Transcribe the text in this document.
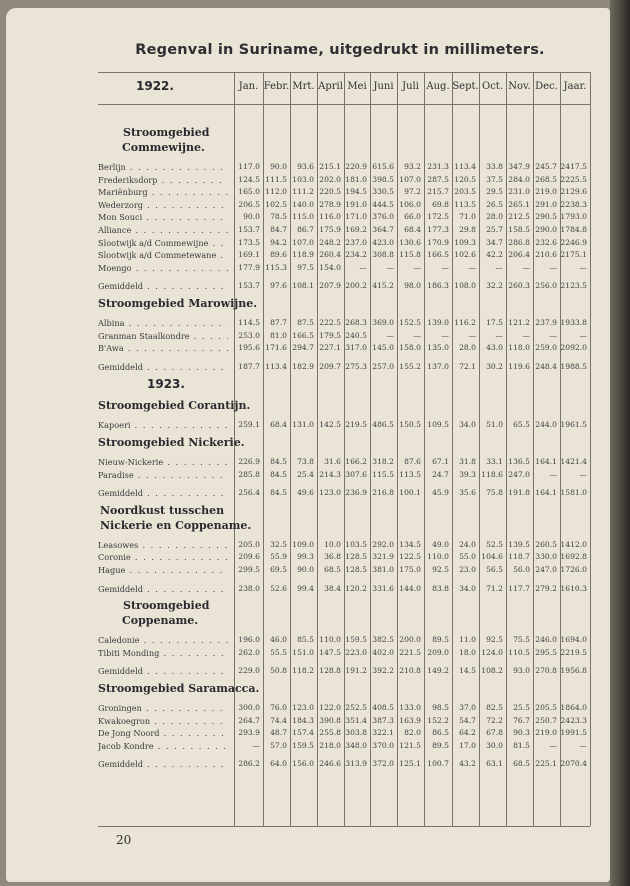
Regenval in Suriname, uitgedrukt in millimeters.
Jan. Febr. Mrt. April Mei Juni Juli Aug. Sept. Oct. Nov. Dec. Jaar.
1922.
Stroomgebied
Commewijne.
Berlijn . . .	117.0	90.0	93.6 215.1 220.9 615.6	93.2 231.3 113.4	33.8 347.9 245.7 2417.5
Frederiksdorp . . .	124.5 111.5 103.0 202.0 181.0 398.5 107.0 287.5 120.5	37.5 284.0 268.5 2225.5
Mariënburg . . .	165.0 112.0 111.2 220.5 194.5 330.5	97.2 215.7 203.5	29.5 231.0 219.0 2129.6
Wederzorg . . .	206.5 102.5 140.0 278.9 191.0 444.5 106.0	69.8 113.5	26.5 265.1 291.0 2238.3
Mon Souci . . .	90.0	78.5 115.0 116.0 171.0 376.0	66.0 172.5	71.0	28.0 212.5 290.5 1793.0
Alliance . . .	153.7	84.7	86.7 175.9 169.2 364.7	68.4 177.3	29.8	25.7 158.5 290.0 1784.8
Slootwijk a/d Commewijne . . .	173.5	94.2 107.0 248.2 237.0 423.0 130.6 170.9 109.3	34.7 286.8 232.6 2246.9
Slootwijk a/d Commetewane . . .	169.1	89.6 118.9 260.4 234.2 308.8 115.8 166.5 102.6	42.2 206.4 210.6 2175.1
Moengo . . .	177.9 115.3	97.5 154.0	—	—	—	—	—	—	—	—	—
Gemiddeld . . .	153.7	97.6 108.1 207.9 200.2 415.2	98.0 186.3 108.0	32.2 260.3 256.0 2123.5
Stroomgebied Marowijne.
Albina . . .	114.5	87.7	87.5 222.5 268.3 369.0 152.5 139.0 116.2	17.5 121.2 237.9 1933.8
Granman Staalkondre . . .	253.0	81.0 166.5 179.5 240.5	—	—	—	—	—	—	—	—
B'Awa . . .	195.6 171.6 294.7 227.1 317.0 145.0 158.0 135.0	28.0	43.0 118.0 259.0 2092.0
Gemiddeld . . .	187.7 113.4 182.9 209.7 275.3 257.0 155.2 137.0	72.1	30.2 119.6 248.4 1988.5
1923.
Stroomgebied Corantijn.
Kapoeri . . .	259.1	68.4 131.0 142.5 219.5 486.5 150.5 109.5	34.0	51.0	65.5 244.0 1961.5
Stroomgebied Nickerie.
Nieuw-Nickerie . . .	226.9	84.5	73.8	31.6 166.2 318.2	87.6	67.1	31.8	33.1 136.5 164.1 1421.4
Paradise . . .	285.8	84.5	25.4 214.3 307.6 115.5 113.5	24.7	39.3 118.6 247.0	—	—
Gemiddeld . . .	256.4	84.5	49.6 123.0 236.9 216.8 100.1	45.9	35.6	75.8 191.8 164.1 1581.0
Noordkust tusschen
Nickerie en Coppename.
Leasowes . . .	205.0	32.5 109.0	10.0 103.5 292.0 134.5	49.0	24.0	52.5 139.5 260.5 1412.0
Coronie . . .	209.6	55.9	99.3	36.8 128.5 321.9 122.5 110.0	55.0 104.6 118.7 330.0 1692.8
Hague . . .	299.5	69.5	90.0	68.5 128.5 381.0 175.0	92.5	23.0	56.5	56.0 247.0 1726.0
Gemiddeld . . .	238.0	52.6	99.4	38.4 120.2 331.6 144.0	83.8	34.0	71.2 117.7 279.2 1610.3
Stroomgebied
Coppename.
Caledonie . . .	196.0	46.0	85.5 110.0 159.5 382.5 200.0	89.5	11.0	92.5	75.5 246.0 1694.0
Tibiti Monding . . .	262.0	55.5 151.0 147.5 223.0 402.0 221.5 209.0	18.0 124.0 110.5 295.5 2219.5
Gemiddeld . . .	229.0	50.8 118.2 128.8 191.2 392.2 210.8 149.2	14.5 108.2	93.0 270.8 1956.8
Stroomgebied Saramacca.
Groningen . . .	300.0	76.0 123.0 122.0 252.5 408.5 133.0	98.5	37.0	82.5	25.5 205.5 1864.0
Kwakoegron . . .	264.7	74.4 184.3 390.8 351.4 387.3 163.9 152.2	54.7	72.2	76.7 250.7 2423.3
De Jong Noord . . .	293.9	48.7 157.4 255.8 303.8 322.1	82.0	86.5	64.2	67.8	90.3 219.0 1991.5
Jacob Kondre . . .	—	57.0 159.5 218.0 348.0 370.0 121.5	89.5	17.0	30.0	81.5	—	—
Gemiddeld . . .	286.2	64.0 156.0 246.6 313.9 372.0 125.1 100.7	43.2	63.1	68.5 225.1 2070.4
20
